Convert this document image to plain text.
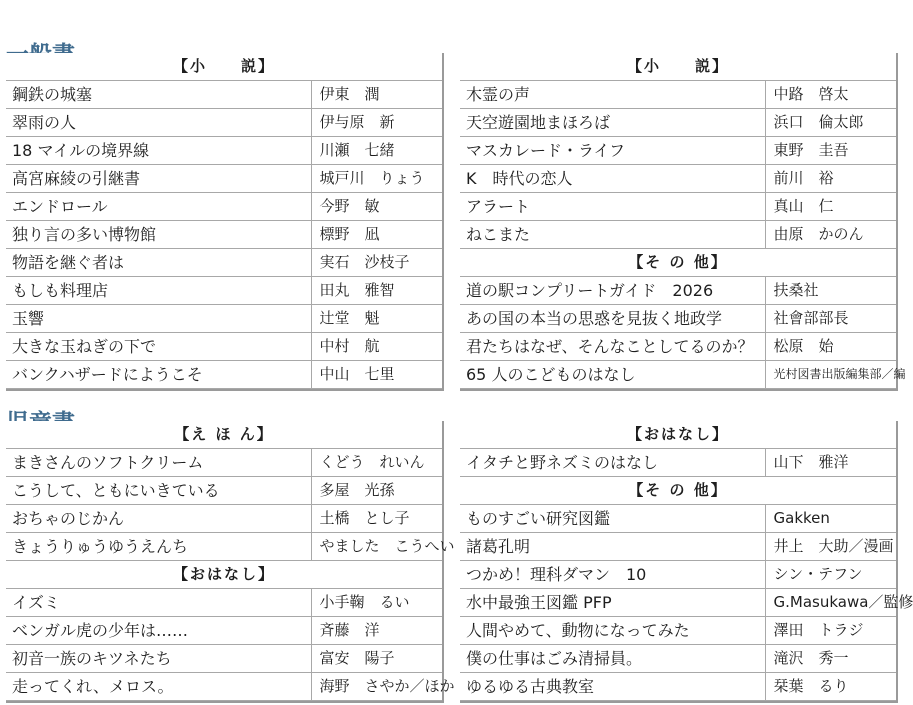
【小　　説】	
鋼鉄の城塞	伊東　潤
翠雨の人	伊与原　新
18 マイルの境界線	川瀬　七緒
高宮麻綾の引継書	城戸川　りょう
エンドロール	今野　敏
独り言の多い博物館	標野　凪
物語を継ぐ者は	実石　沙枝子
もしも料理店	田丸　雅智
玉響	辻堂　魁
大きな玉ねぎの下で	中村　航
バンクハザードにようこそ	中山　七里
【小　　説】	
木霊の声	中路　啓太
天空遊園地まほろば	浜口　倫太郎
マスカレード・ライフ	東野　圭吾
K　時代の恋人	前川　裕
アラート	真山　仁
ねこまた	由原　かのん
【そ の 他】	
道の駅コンプリートガイド　2026	扶桑社
あの国の本当の思惑を見抜く地政学	社會部部長
君たちはなぜ、そんなことしてるのか？	松原　始
65 人のこどものはなし	光村図書出版編集部／編
【え ほ ん】	
まきさんのソフトクリーム	くどう　れいん
こうして、ともにいきている	多屋　光孫
おちゃのじかん	土橋　とし子
きょうりゅうゆうえんち	やました　こうへい
【おはなし】	
イズミ	小手鞠　るい
ベンガル虎の少年は……	斉藤　洋
初音一族のキツネたち	富安　陽子
走ってくれ、メロス。	海野　さやか／ほか
【おはなし】	
イタチと野ネズミのはなし	山下　雅洋
【そ の 他】	
ものすごい研究図鑑	Gakken
諸葛孔明	井上　大助／漫画
つかめ！理科ダマン　10	シン・テフン
水中最強王図鑑 PFP	G.Masukawa／監修
人間やめて、動物になってみた	澤田　トラジ
僕の仕事はごみ清掃員。	滝沢　秀一
ゆるゆる古典教室	栞葉　るり
